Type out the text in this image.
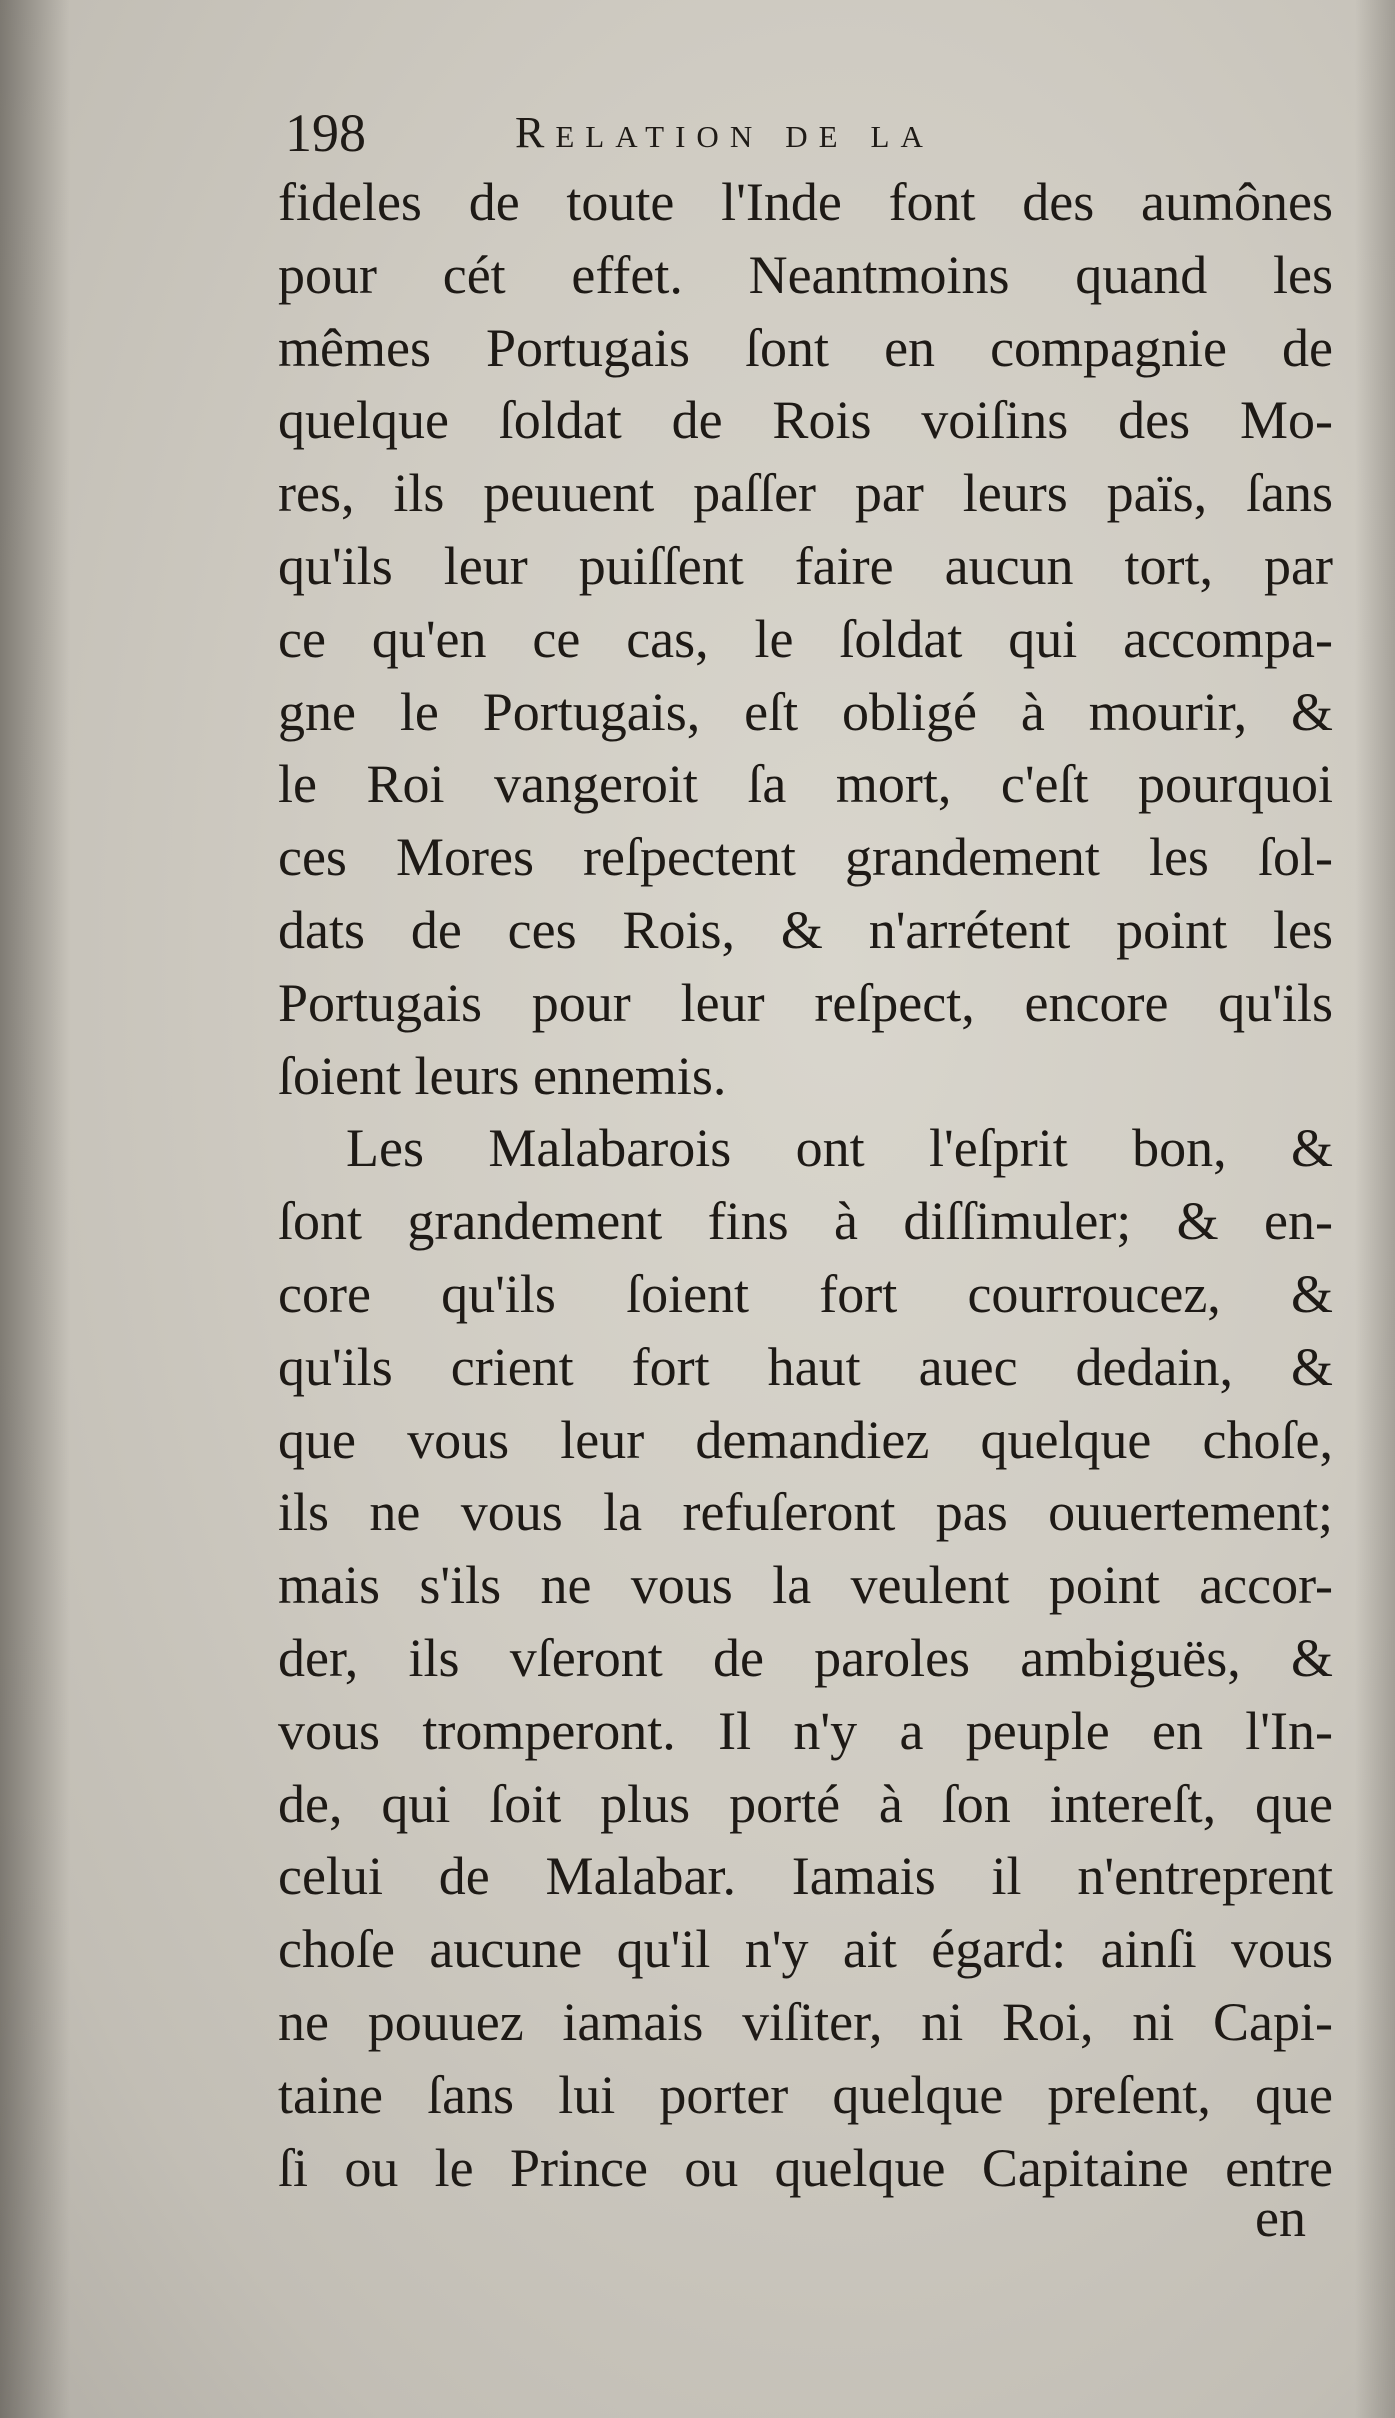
198	Relation de la
fideles de toute l'Inde font des aumônes
pour cét effet. Neantmoins quand les
mêmes Portugais ſont en compagnie de
quelque ſoldat de Rois voiſins des Mo-
res, ils peuuent paſſer par leurs païs, ſans
qu'ils leur puiſſent faire aucun tort, par
ce qu'en ce cas, le ſoldat qui accompa-
gne le Portugais, eſt obligé à mourir, &
le Roi vangeroit ſa mort, c'eſt pourquoi
ces Mores reſpectent grandement les ſol-
dats de ces Rois, & n'arrétent point les
Portugais pour leur reſpect, encore qu'ils
ſoient leurs ennemis.
Les Malabarois ont l'eſprit bon, &
ſont grandement fins à diſſimuler; & en-
core qu'ils ſoient fort courroucez, &
qu'ils crient fort haut auec dedain, &
que vous leur demandiez quelque choſe,
ils ne vous la refuſeront pas ouuertement;
mais s'ils ne vous la veulent point accor-
der, ils vſeront de paroles ambiguës, &
vous tromperont. Il n'y a peuple en l'In-
de, qui ſoit plus porté à ſon intereſt, que
celui de Malabar. Iamais il n'entreprent
choſe aucune qu'il n'y ait égard: ainſi vous
ne pouuez iamais viſiter, ni Roi, ni Capi-
taine ſans lui porter quelque preſent, que
ſi ou le Prince ou quelque Capitaine entre
en
